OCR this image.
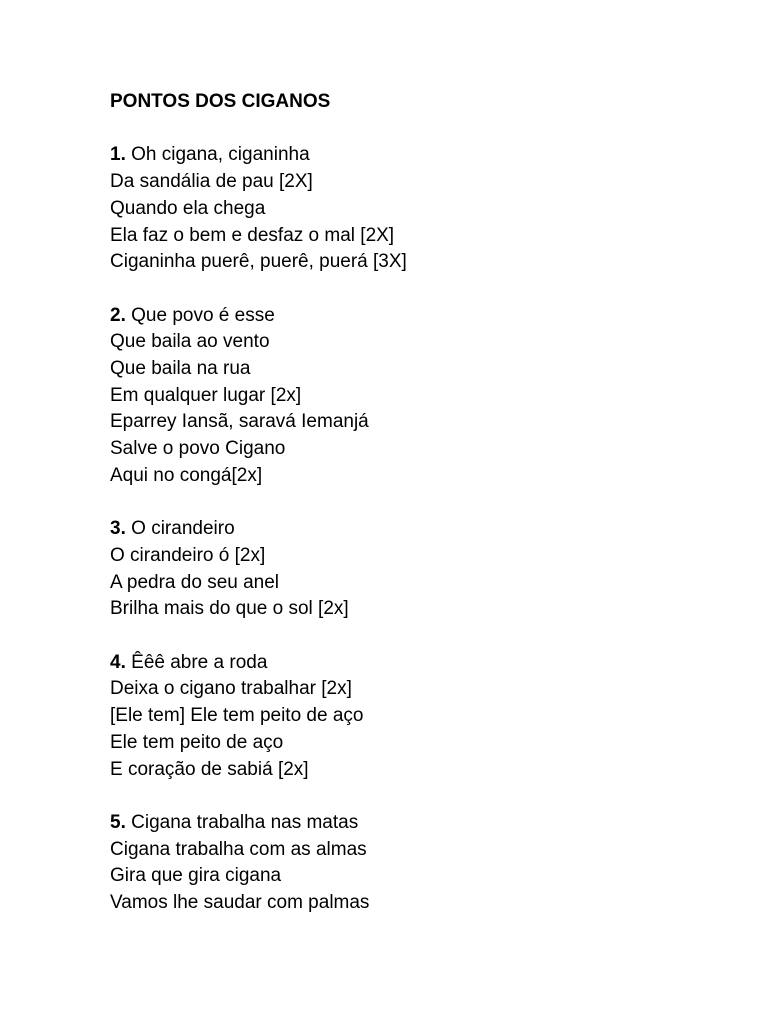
PONTOS DOS CIGANOS
1. Oh cigana, ciganinha
Da sandália de pau [2X]
Quando ela chega
Ela faz o bem e desfaz o mal [2X]
Ciganinha puerê, puerê, puerá [3X]
2. Que povo é esse
Que baila ao vento
Que baila na rua
Em qualquer lugar [2x]
Eparrey Iansã, saravá Iemanjá
Salve o povo Cigano
Aqui no congá[2x]
3. O cirandeiro
O cirandeiro ó [2x]
A pedra do seu anel
Brilha mais do que o sol [2x]
4. Êêê abre a roda
Deixa o cigano trabalhar [2x]
[Ele tem] Ele tem peito de aço
Ele tem peito de aço
E coração de sabiá [2x]
5. Cigana trabalha nas matas
Cigana trabalha com as almas
Gira que gira cigana
Vamos lhe saudar com palmas
